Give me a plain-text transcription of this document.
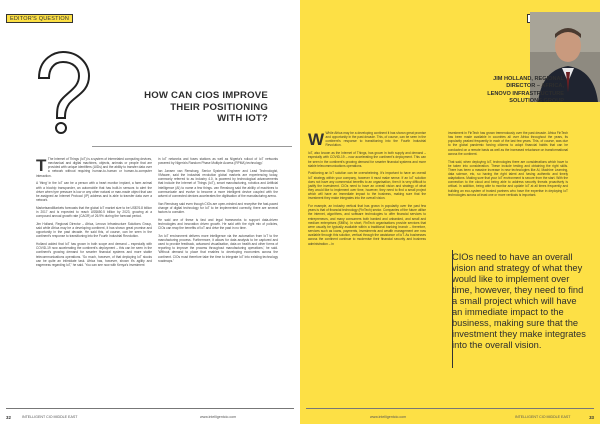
EDITOR'S QUESTION
HOW CAN CIOS IMPROVE
THEIR POSITIONING
WITH IOT?

T The Internet of Things (IoT) is a system of interrelated computing devices, mechanical and digital machines, objects, animals or people that are provided with unique identifiers (UIDs) and the ability to transfer data over a network without requiring human-to-human or human-to-computer interaction.

A 'thing' in the IoT can be a person with a heart monitor implant, a farm animal with a biochip transponder, an automobile that has built-in sensors to alert the driver when tyre pressure is low or any other natural or man-made object that can be assigned an Internet Protocol (IP) address and is able to transfer data over a network.

MarketsandMarkets forecasts that the global IoT market size to be US$76.8 billion in 2017 and is expected to reach US$650.5 billion by 2023, growing at a compound annual growth rate (CAGR) of 26.9% during the forecast period.

Jim Holland, Regional Director – Africa, Lenovo Infrastructure Solutions Group, said while Africa may be a developing continent, it has shown great promise and opportunity in the past decade. He said this, of course, can be seen in the continent's response to transitioning into the Fourth Industrial Revolution.

Holland added that IoT has grown in both scope and demand – especially with COVID-19 now accelerating the continent's deployment – this can be seen in the continent's growing demand for smarter financial systems and more stable telecommunications operations. 'So much, however, of that deploying IoT stocks can be quite an intimidate task. Africa has, however, shown it's agility and eagerness regarding IoT,' he said. 'You can see now with Kenya's investment

in IoT networks and fuses stations as well as Nigeria's rollout of IoT networks powered by Nigeria's Random Phase Multiple Access (RPMA) technology.'

Ian Jansen van Rensburg, Senior Systems Engineer and Lead Technologist, VMware, said the industrial revolution global markets are experiencing today, commonly referred to as Industry 4.0, is powered by technological advancements that include the Internet of Things (IoT), smart manufacturing, robotics and Artificial Intelligence (AI) to name a few things. van Rensburg said the ability of machines to communicate and evolve to become a more intelligent device coupled with the advent of connected devices accelerates the digitisation of the manufacturing arena.

Van Rensburg said even though CIOs are open-minded and receptive the fast-paced change of digital technology for IoT to be implemented correctly, there are several factors to consider.

He said one of these is fast and legal frameworks to support data-driven technologies and innovation driven growth. He said with the right mix of policies, CIOs can reap the benefits of IoT and drive the past in no time.

'An IoT environment delivers more intelligence via the automation from IoT to the manufacturing process. Furthermore, it allows for data analysis to be captured and used to provide feedback, advanced visualisation, data on health and other forms of reporting to improve the process throughout manufacturing operations,' he said. 'Without demand to place that enables to developing economies across the continent. CIOs must therefore take the time to integrate IoT into existing technology roadmaps.'

32	INTELLIGENT CIO MIDDLE EAST	www.intelligentcio.com
JIM HOLLAND, REGIONAL
DIRECTOR – AFRICA,
LENOVO INFRASTRUCTURE
SOLUTIONS GROUP

W While Africa may be a developing continent it has shown great promise and opportunity in the past decade. This, of course, can be seen in the continent's response to transitioning into the Fourth Industrial Revolution.

IoT, also known as the Internet of Things, has grown in both supply and demand – especially with COVID-19 – now accelerating the continent's deployment. This can be seen in the continent's growing demand for smarter financial systems and more stable telecommunications operations.

Positioning an IoT solution can be overwhelming. It's important to have an overall IoT strategy within your company, however it must make sense. If an IoT solution does not have any commercial benefits to an organisation, then it is very difficult to justify the investment. CIOs need to have an overall vision and strategy of what they would like to implement over time, however, they need to find a small project which will have an immediate impact to the business, making sure that the investment they make integrates into the overall vision.

For example, an industry vertical that has grown in popularity over the past few years is that of financial technology (FinTech) sector. Companies of the future utilise the internet, algorithms, and software technologies to offer financial services to entrepreneurs, and many consumers both banked and unbanked, and small and medium enterprises (SMEs). In short, FinTech organisations provide services that were usually be typically available within a traditional banking branch – therefore, services such as loans, payments, investments and wealth management are now available through this solution, vertical through the assistance of IoT. As businesses across the continent continue to modernise their financial security and business administration – in

investment in FinTech has grown tremendously over the past decade. Africa FinTech has been made available in countries all over Africa throughout the years, its popularity peaked frequently in each of the last few years. This, of course, was due to the global pandemic forcing citizens to adopt financial habits that can be conducted on a remote basis as well as the increased reluctance on transformational across the continent.

That said, when deploying IoT, technologies there are considerations which have to be taken into consideration. These include testing and obtaining the right skills. There has been a massive increase in new technologies like AI, Machine Learning, data science, etc, so having the right talent and having authentic and timely adaptations. Making sure that your IoT environment is secure from the start. With the connection to the cloud and being able to address security threats proactively is critical. In addition, being able to monitor and update IoT at all times frequently and building an eco-system of trusted partners who have the expertise in deploying IoT technologies across at least one or more verticals is important.

CIOs need to have an overall vision and strategy of what they would like to implement over time, however, they need to find a small project which will have an immediate impact to the business, making sure that the investment they make integrates into the overall vision.
www.intelligentcio.com	INTELLIGENT CIO MIDDLE EAST	33
